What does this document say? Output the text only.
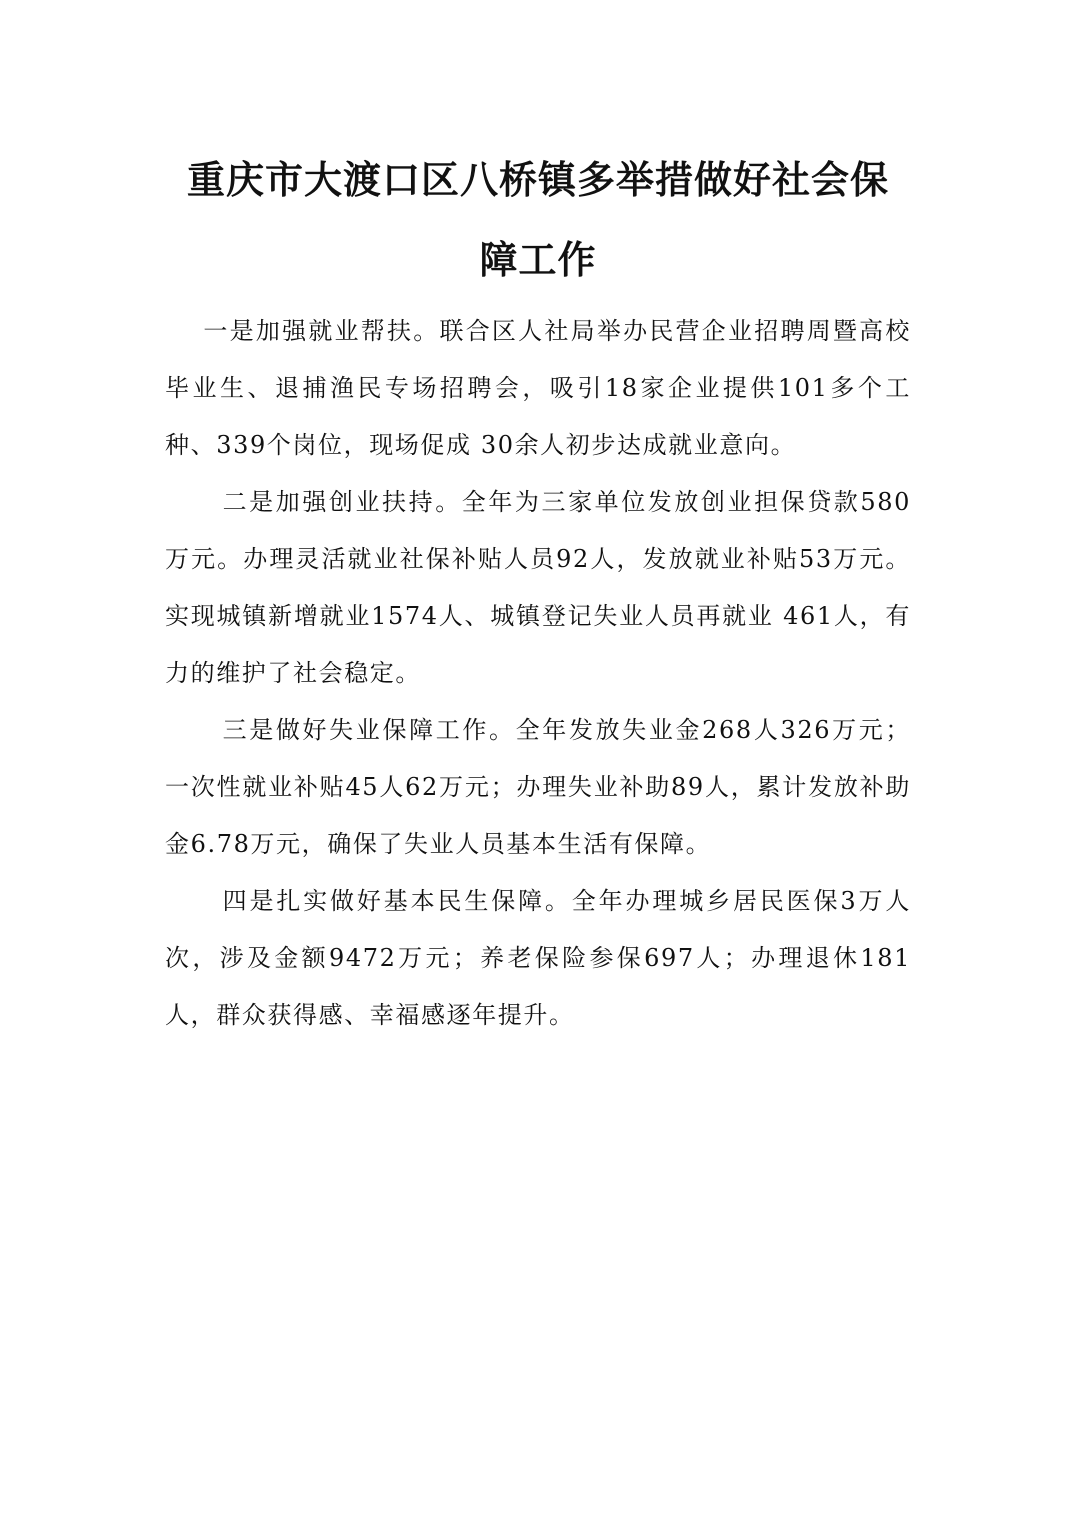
重庆市大渡口区八桥镇多举措做好社会保
障工作

一是加强就业帮扶。联合区人社局举办民营企业招聘周暨高校毕业生、退捕渔民专场招聘会，吸引18家企业提供101多个工种、339个岗位，现场促成 30余人初步达成就业意向。

二是加强创业扶持。全年为三家单位发放创业担保贷款580万元。办理灵活就业社保补贴人员92人，发放就业补贴53万元。实现城镇新增就业1574人、城镇登记失业人员再就业 461人，有力的维护了社会稳定。

三是做好失业保障工作。全年发放失业金268人326万元；一次性就业补贴45人62万元；办理失业补助89人，累计发放补助金6.78万元，确保了失业人员基本生活有保障。

四是扎实做好基本民生保障。全年办理城乡居民医保3万人次，涉及金额9472万元；养老保险参保697人；办理退休181人，群众获得感、幸福感逐年提升。
